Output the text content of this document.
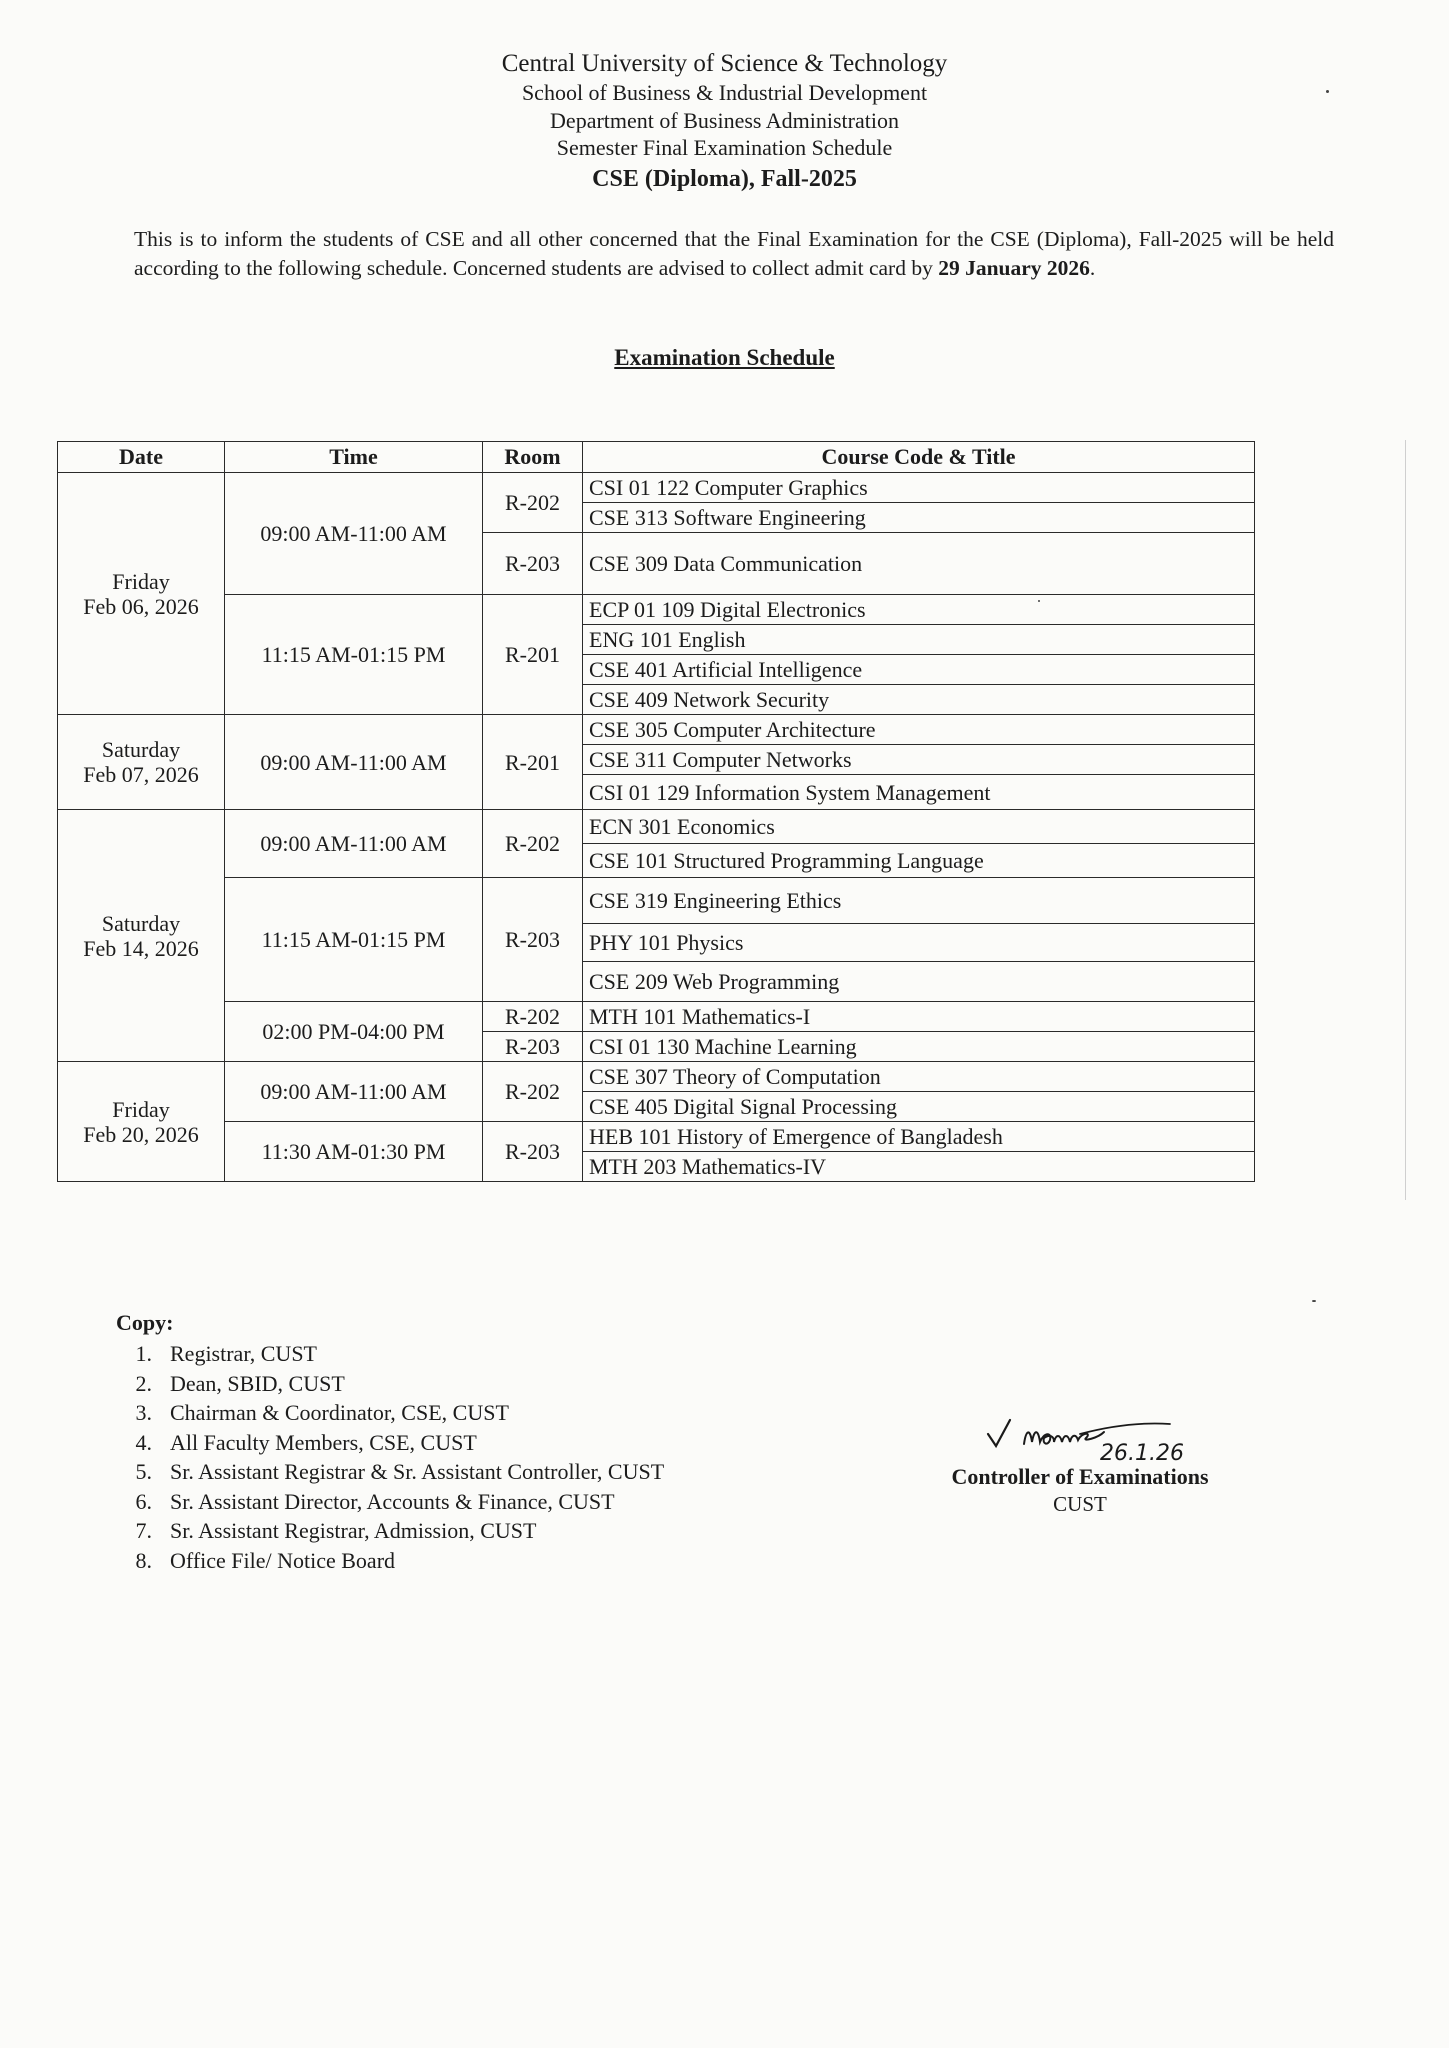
Central University of Science & Technology
School of Business & Industrial Development
Department of Business Administration
Semester Final Examination Schedule
CSE (Diploma), Fall-2025
This is to inform the students of CSE and all other concerned that the Final Examination for the CSE (Diploma), Fall-2025 will be held according to the following schedule. Concerned students are advised to collect admit card by 29 January 2026.
Examination Schedule
Date	Time	Room	Course Code & Title

Friday
Feb 06, 2026	09:00 AM-11:00 AM	R-202	CSI 01 122 Computer Graphics
			CSE 313 Software Engineering
		R-203	CSE 309 Data Communication
	11:15 AM-01:15 PM	R-201	ECP 01 109 Digital Electronics
			ENG 101 English
			CSE 401 Artificial Intelligence
			CSE 409 Network Security

Saturday
Feb 07, 2026	09:00 AM-11:00 AM	R-201	CSE 305 Computer Architecture
			CSE 311 Computer Networks
			CSI 01 129 Information System Management

Saturday
Feb 14, 2026	09:00 AM-11:00 AM	R-202	ECN 301 Economics
			CSE 101 Structured Programming Language
	11:15 AM-01:15 PM	R-203	CSE 319 Engineering Ethics
			PHY 101 Physics
			CSE 209 Web Programming
	02:00 PM-04:00 PM	R-202	MTH 101 Mathematics-I
		R-203	CSI 01 130 Machine Learning

Friday
Feb 20, 2026	09:00 AM-11:00 AM	R-202	CSE 307 Theory of Computation
			CSE 405 Digital Signal Processing
	11:30 AM-01:30 PM	R-203	HEB 101 History of Emergence of Bangladesh
			MTH 203 Mathematics-IV
Copy:
1. Registrar, CUST
2. Dean, SBID, CUST
3. Chairman & Coordinator, CSE, CUST
4. All Faculty Members, CSE, CUST
5. Sr. Assistant Registrar & Sr. Assistant Controller, CUST
6. Sr. Assistant Director, Accounts & Finance, CUST
7. Sr. Assistant Registrar, Admission, CUST
8. Office File/ Notice Board
26.1.26
Controller of Examinations
CUST
